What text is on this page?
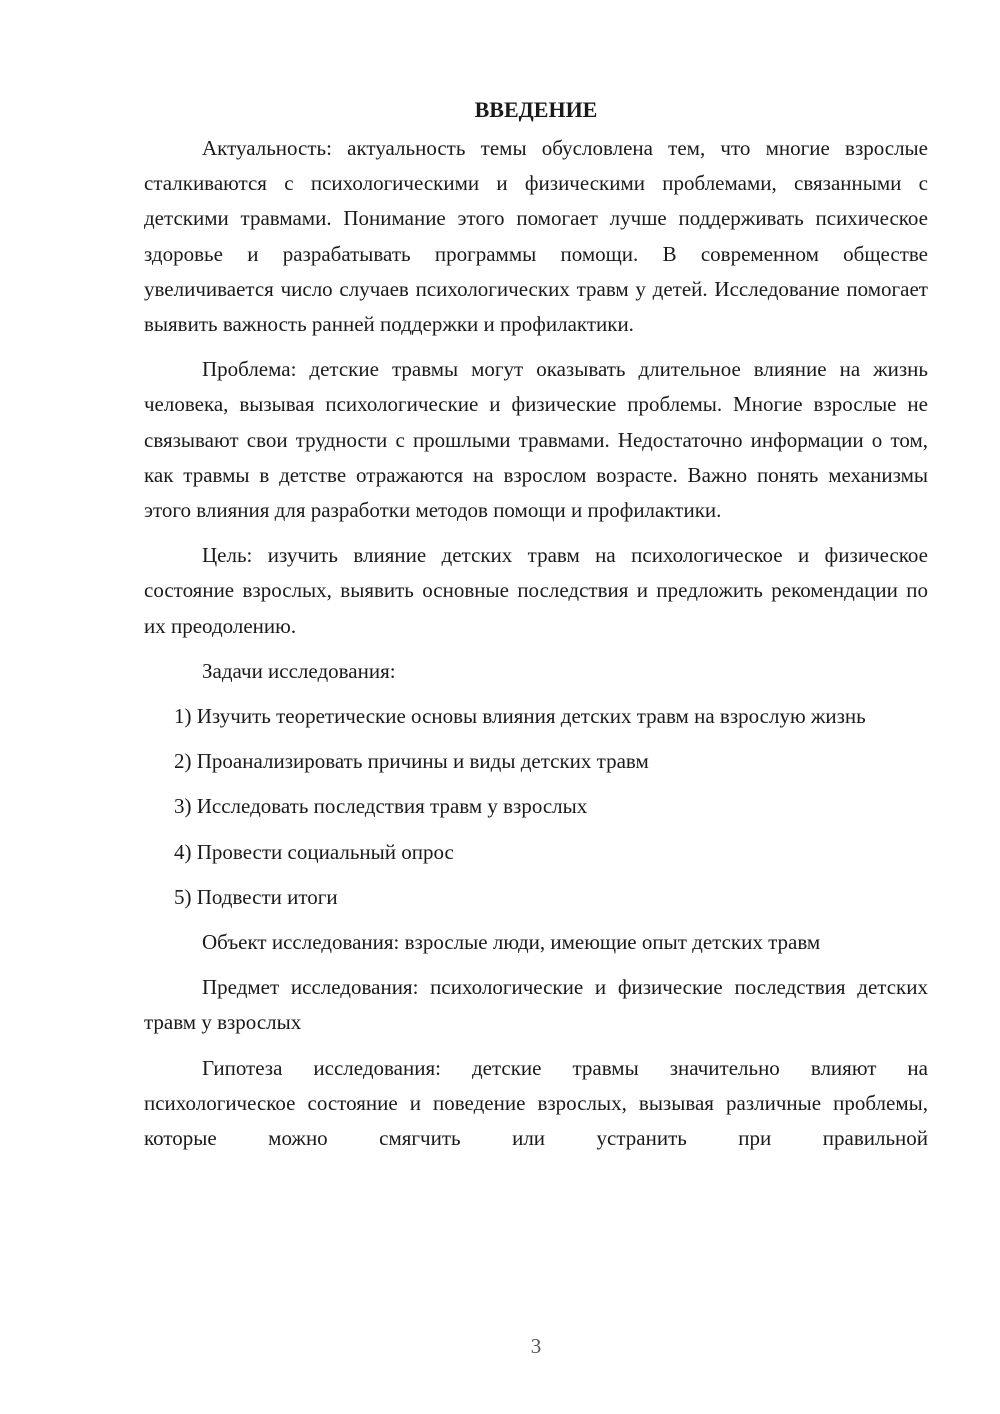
ВВЕДЕНИЕ

Актуальность: актуальность темы обусловлена тем, что многие взрослые сталкиваются с психологическими и физическими проблемами, связанными с детскими травмами. Понимание этого помогает лучше поддерживать психическое здоровье и разрабатывать программы помощи. В современном обществе увеличивается число случаев психологических травм у детей. Исследование помогает выявить важность ранней поддержки и профилактики.

Проблема: детские травмы могут оказывать длительное влияние на жизнь человека, вызывая психологические и физические проблемы. Многие взрослые не связывают свои трудности с прошлыми травмами. Недостаточно информации о том, как травмы в детстве отражаются на взрослом возрасте. Важно понять механизмы этого влияния для разработки методов помощи и профилактики.

Цель: изучить влияние детских травм на психологическое и физическое состояние взрослых, выявить основные последствия и предложить рекомендации по их преодолению.

Задачи исследования:

1) Изучить теоретические основы влияния детских травм на взрослую жизнь

2) Проанализировать причины и виды детских травм

3) Исследовать последствия травм у взрослых

4) Провести социальный опрос

5) Подвести итоги

Объект исследования: взрослые люди, имеющие опыт детских травм

Предмет исследования: психологические и физические последствия детских травм у взрослых

Гипотеза исследования: детские травмы значительно влияют на психологическое состояние и поведение взрослых, вызывая различные проблемы, которые можно смягчить или устранить при правильной

3
